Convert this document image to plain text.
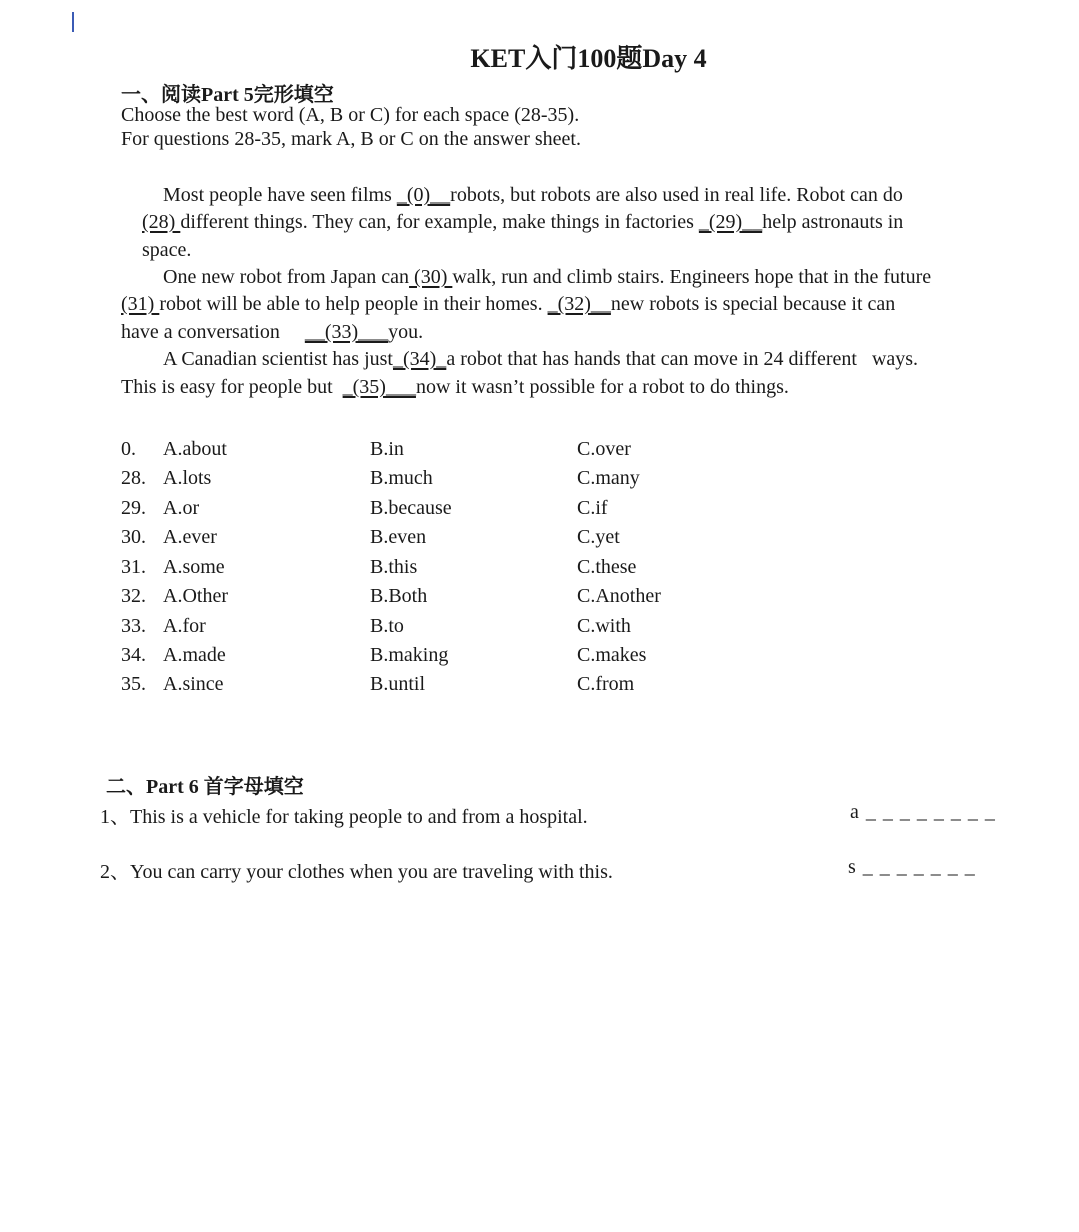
KET入门100题Day 4
一、阅读Part 5完形填空
Choose the best word (A, B or C) for each space (28-35).
For questions 28-35, mark A, B or C on the answer sheet.
Most people have seen films _(0)__robots, but robots are also used in real life. Robot can do
(28) different things. They can, for example, make things in factories _(29)__help astronauts in
space.
One new robot from Japan can (30) walk, run and climb stairs. Engineers hope that in the future
(31) robot will be able to help people in their homes. _(32)__new robots is special because it can
have a conversation     __(33)___you.
A Canadian scientist has just_(34)_a robot that has hands that can move in 24 different   ways.
This is easy for people but  _(35)___now it wasn’t possible for a robot to do things.
0. A.about	B.in	C.over
28. A.lots	B.much	C.many
29. A.or	B.because	C.if
30. A.ever	B.even	C.yet
31. A.some	B.this	C.these
32. A.Other	B.Both	C.Another
33. A.for	B.to	C.with
34. A.made	B.making	C.makes
35. A.since	B.until	C.from
二、Part 6 首字母填空
1、This is a vehicle for taking people to and from a hospital.	a _ _ _ _ _ _ _ _
2、You can carry your clothes when you are traveling with this.	s _ _ _ _ _ _ _
